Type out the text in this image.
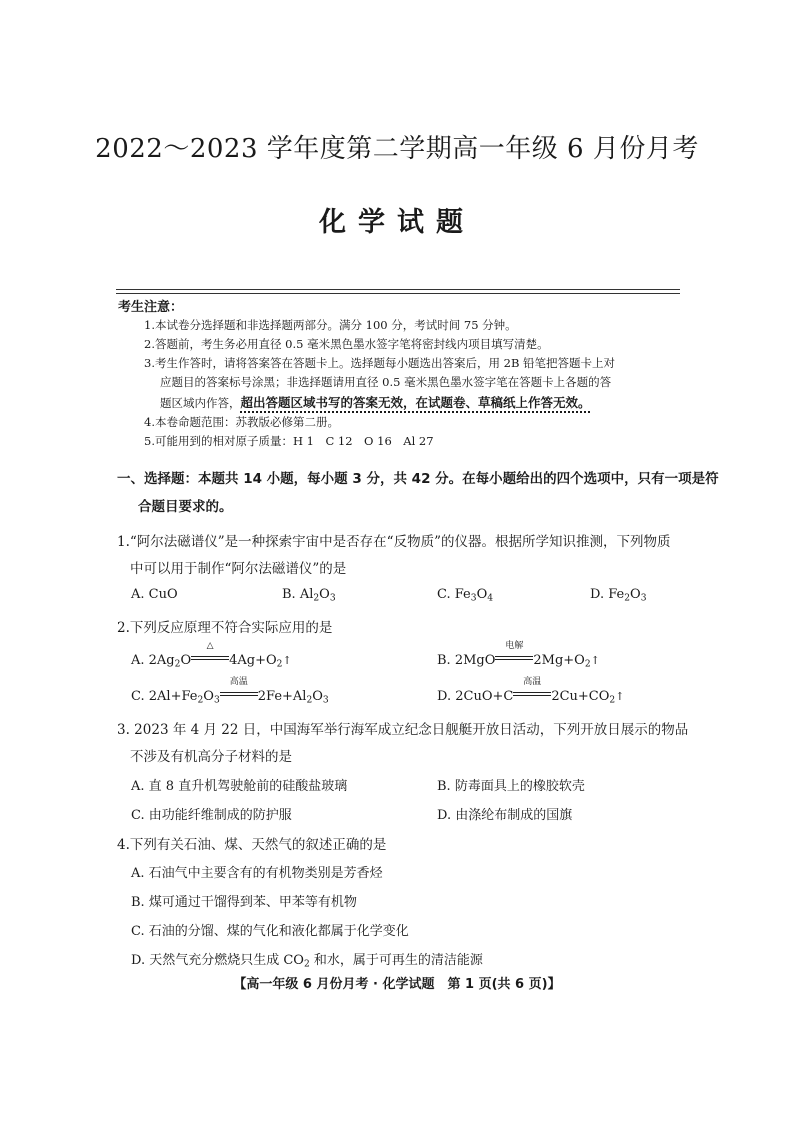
2022～2023 学年度第二学期高一年级 6 月份月考
化学试题
考生注意：
1.本试卷分选择题和非选择题两部分。满分 100 分，考试时间 75 分钟。
2.答题前，考生务必用直径 0.5 毫米黑色墨水签字笔将密封线内项目填写清楚。
3.考生作答时，请将答案答在答题卡上。选择题每小题选出答案后，用 2B 铅笔把答题卡上对
应题目的答案标号涂黑；非选择题请用直径 0.5 毫米黑色墨水签字笔在答题卡上各题的答
题区域内作答，超出答题区域书写的答案无效，在试题卷、草稿纸上作答无效。
4.本卷命题范围：苏教版必修第二册。
5.可能用到的相对原子质量：H 1　C 12　O 16　Al 27
一、选择题：本题共 14 小题，每小题 3 分，共 42 分。在每小题给出的四个选项中，只有一项是符
合题目要求的。
1.“阿尔法磁谱仪”是一种探索宇宙中是否存在“反物质”的仪器。根据所学知识推测，下列物质
中可以用于制作“阿尔法磁谱仪”的是
A. CuO	B. $Al_2O_3$	C. $Fe_3O_4$	D. $Fe_2O_3$
2.下列反应原理不符合实际应用的是
A. $2Ag_2O$
△
$4Ag+O_2↑$	B. 2MgO
电解
$2Mg+O_2↑$
C. $2Al+Fe_2O_3$
高温
$2Fe+Al_2O_3$	D. 2CuO+C
高温
$2Cu+CO_2↑$
3. 2023 年 4 月 22 日，中国海军举行海军成立纪念日舰艇开放日活动，下列开放日展示的物品
不涉及有机高分子材料的是
A. 直 8 直升机驾驶舱前的硅酸盐玻璃	B. 防毒面具上的橡胶软壳
C. 由功能纤维制成的防护服	D. 由涤纶布制成的国旗
4.下列有关石油、煤、天然气的叙述正确的是
A. 石油气中主要含有的有机物类别是芳香烃
B. 煤可通过干馏得到苯、甲苯等有机物
C. 石油的分馏、煤的气化和液化都属于化学变化
D. 天然气充分燃烧只生成 $CO_2$ 和水，属于可再生的清洁能源
【高一年级 6 月份月考 · 化学试题　第 1 页(共 6 页)】
